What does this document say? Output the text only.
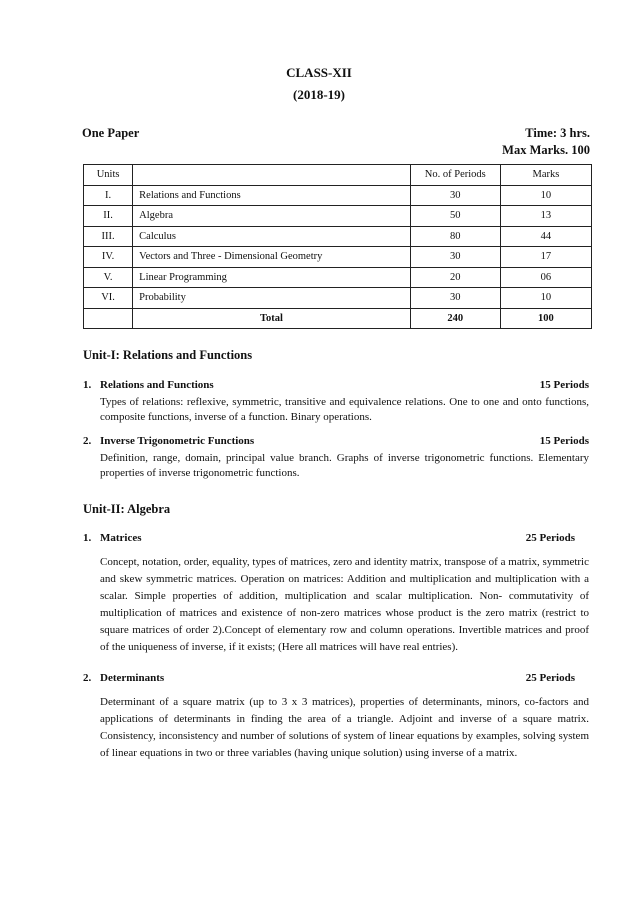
CLASS-XII
(2018-19)
One Paper	Time: 3 hrs.
Max Marks. 100
Units		No. of Periods	Marks
I.	Relations and Functions	30	10
II.	Algebra	50	13
III.	Calculus	80	44
IV.	Vectors and Three - Dimensional Geometry	30	17
V.	Linear Programming	20	06
VI.	Probability	30	10
	Total	240	100
Unit-I: Relations and Functions
1. Relations and Functions	15 Periods
Types of relations: reflexive, symmetric, transitive and equivalence relations. One to one and onto functions, composite functions, inverse of a function. Binary operations.
2. Inverse Trigonometric Functions	15 Periods
Definition, range, domain, principal value branch. Graphs of inverse trigonometric functions. Elementary properties of inverse trigonometric functions.
Unit-II: Algebra
1. Matrices	25 Periods
Concept, notation, order, equality, types of matrices, zero and identity matrix, transpose of a matrix, symmetric and skew symmetric matrices. Operation on matrices: Addition and multiplication and multiplication with a scalar. Simple properties of addition, multiplication and scalar multiplication. Non- commutativity of multiplication of matrices and existence of non-zero matrices whose product is the zero matrix (restrict to square matrices of order 2).Concept of elementary row and column operations. Invertible matrices and proof of the uniqueness of inverse, if it exists; (Here all matrices will have real entries).
2. Determinants	25 Periods
Determinant of a square matrix (up to 3 x 3 matrices), properties of determinants, minors, co-factors and applications of determinants in finding the area of a triangle. Adjoint and inverse of a square matrix. Consistency, inconsistency and number of solutions of system of linear equations by examples, solving system of linear equations in two or three variables (having unique solution) using inverse of a matrix.
